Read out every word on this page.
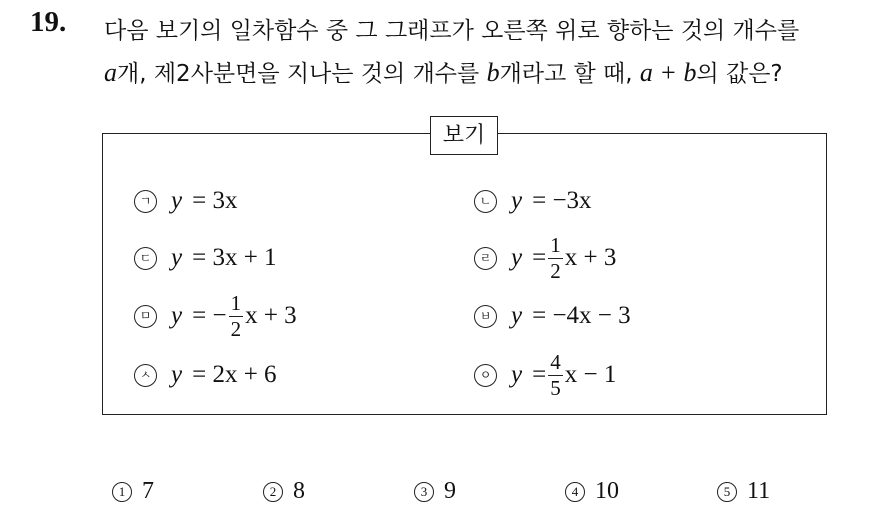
19. 다음 보기의 일차함수 중 그 그래프가 오른쪽 위로 향하는 것의 개수를
a개, 제2사분면을 지나는 것의 개수를 b개라고 할 때, a + b의 값은?
보기
ㄱ y = 3x
ㄷ y = 3x + 1
ㅁ y = − $\frac{1}{2}$ x + 3
ㅅ y = 2x + 6
ㄴ y = −3x
ㄹ $y = \frac{1}{2}$ x + 3
ㅂ y = −4x − 3
ㅇ $y = \frac{4}{5}$ x − 1
1 7	2 8	3 9	4 10	5 11
